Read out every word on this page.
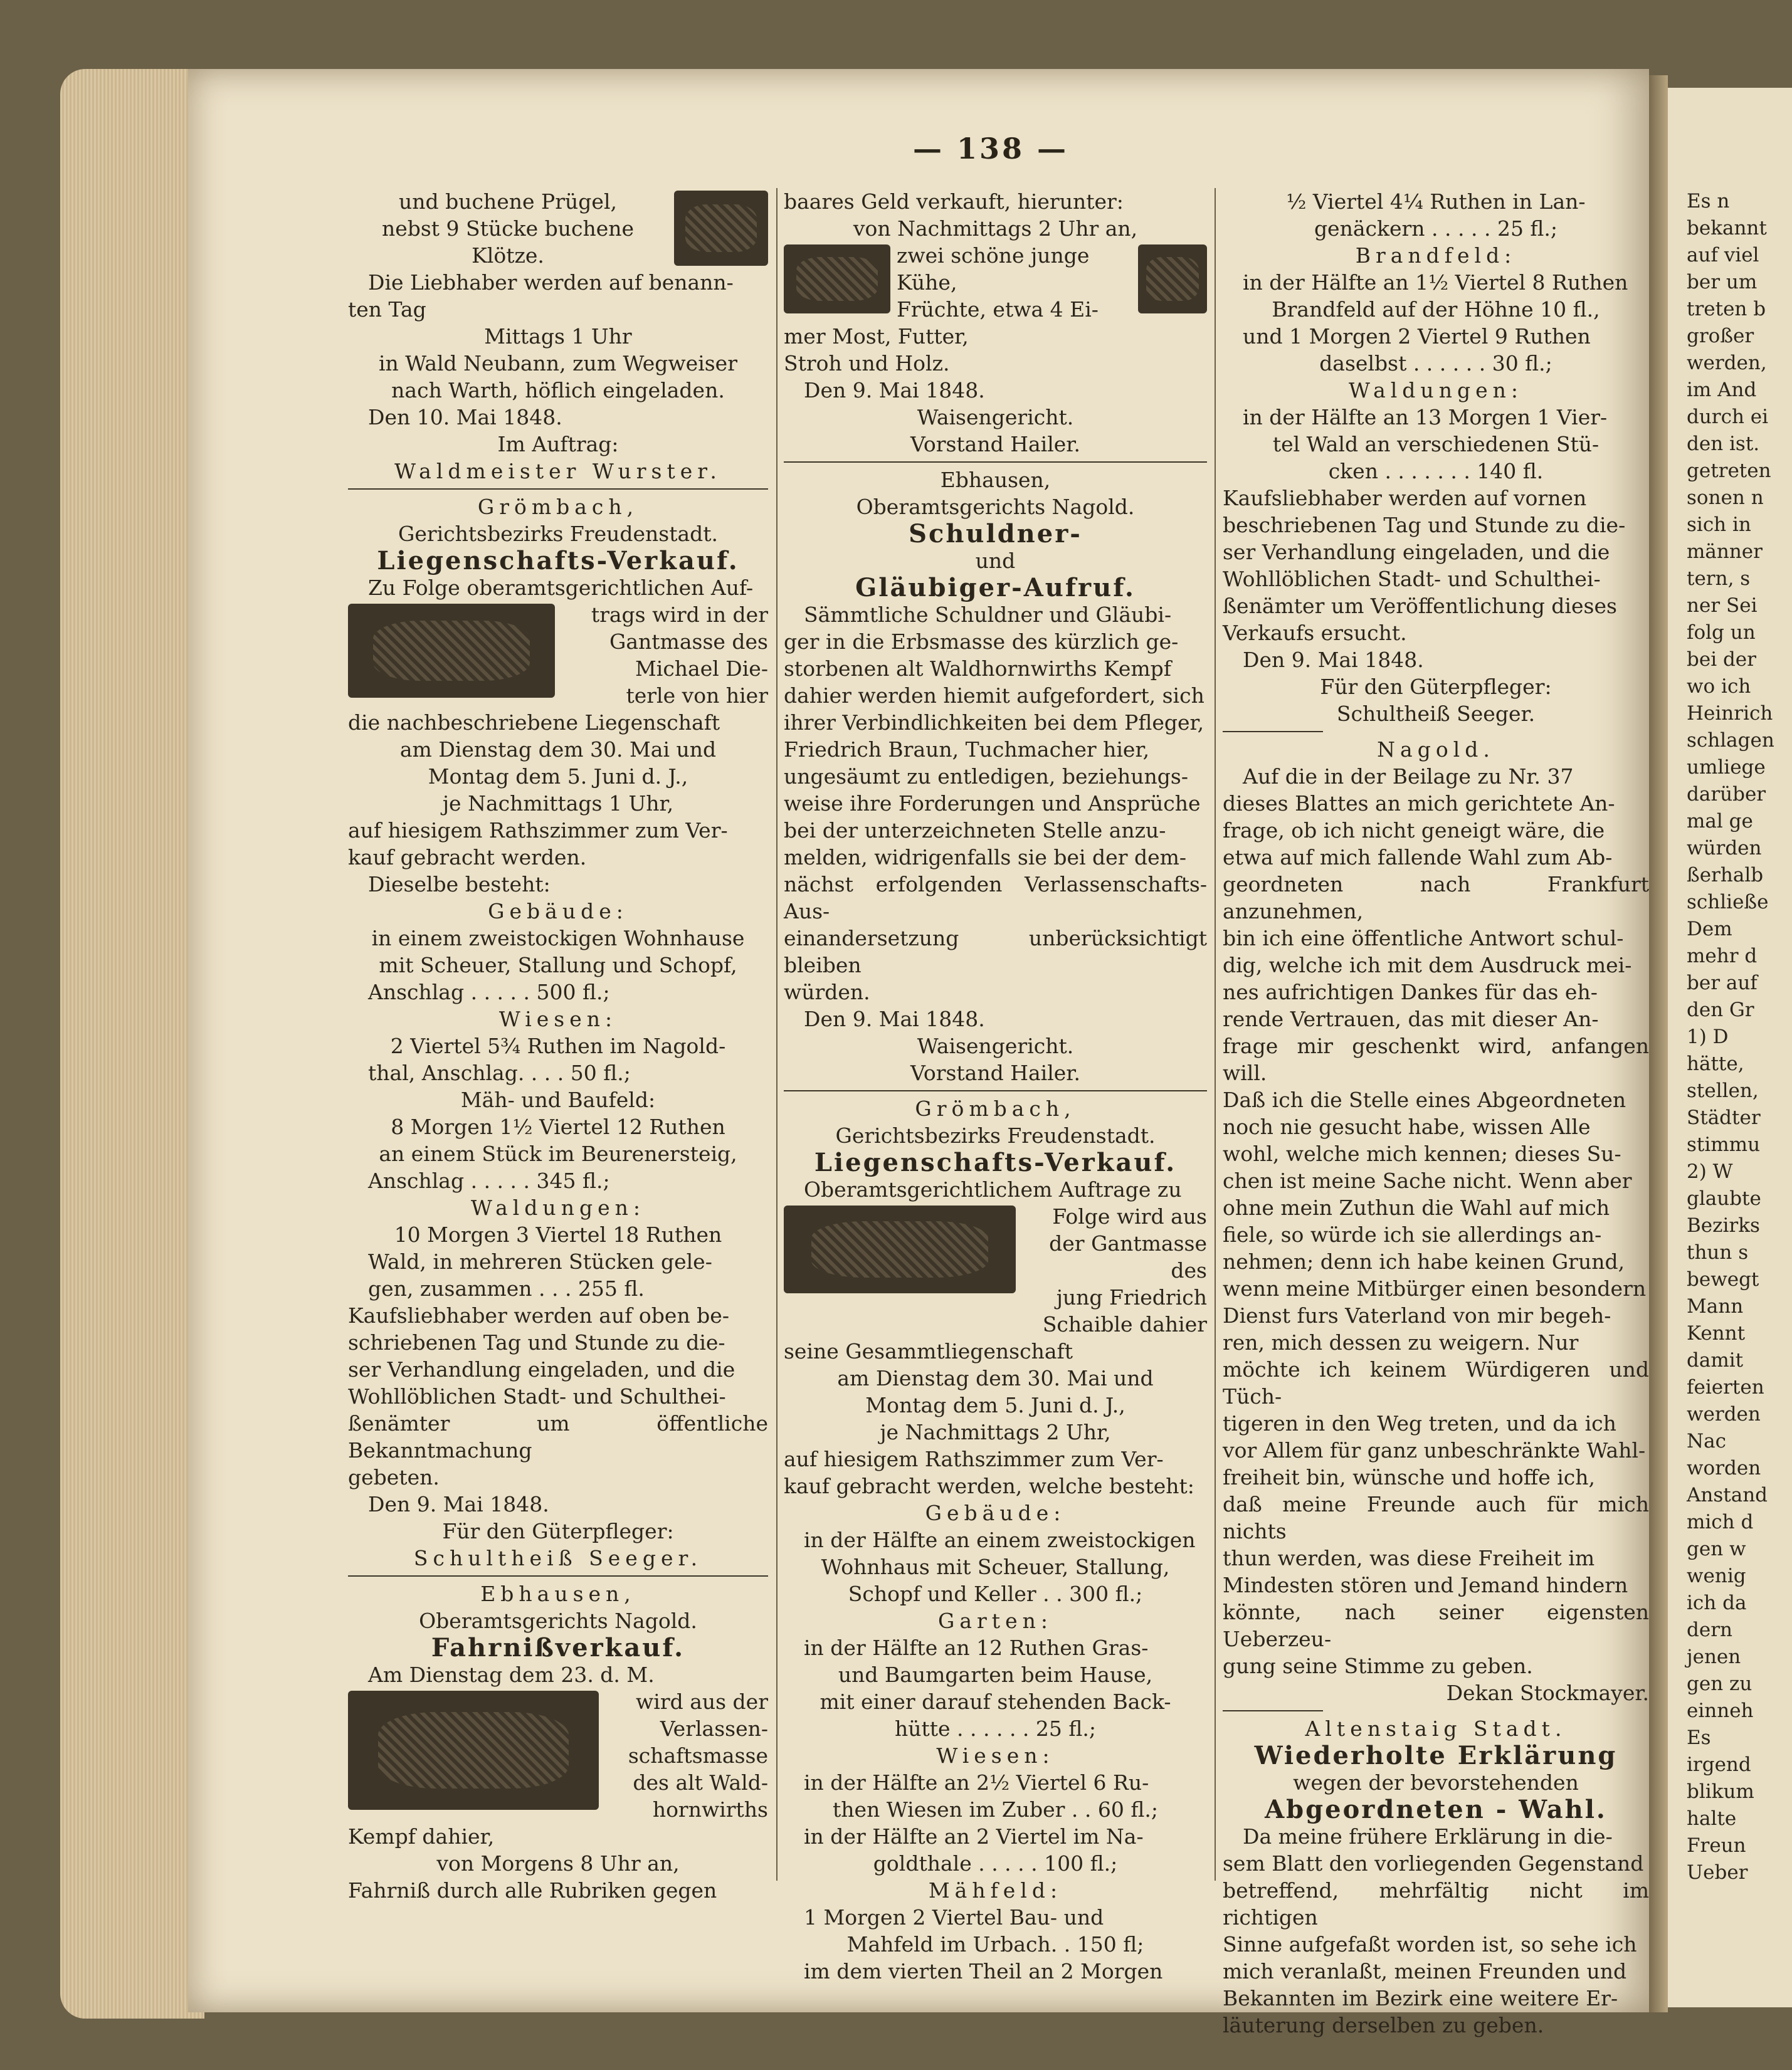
— 138 —

und buchene Prügel,

nebst 9 Stücke buchene

Klötze.

Die Liebhaber werden auf benann-

ten Tag

Mittags 1 Uhr

in Wald Neubann, zum Wegweiser

nach Warth, höflich eingeladen.

Den 10. Mai 1848.

Im Auftrag:

Waldmeister Wurster.

Grömbach,

Gerichtsbezirks Freudenstadt.

Liegenschafts-Verkauf.

Zu Folge oberamtsgerichtlichen Auf-

trags wird in der

Gantmasse des

Michael Die-

terle von hier

die nachbeschriebene Liegenschaft

am Dienstag dem 30. Mai und

Montag dem 5. Juni d. J.,

je Nachmittags 1 Uhr,

auf hiesigem Rathszimmer zum Ver-

kauf gebracht werden.

Dieselbe besteht:

Gebäude:

in einem zweistockigen Wohnhause

mit Scheuer, Stallung und Schopf,

Anschlag . . . . . 500 fl.;

Wiesen:

2 Viertel 5¾ Ruthen im Nagold-

thal, Anschlag. . . . 50 fl.;

Mäh- und Baufeld:

8 Morgen 1½ Viertel 12 Ruthen

an einem Stück im Beurenersteig,

Anschlag . . . . . 345 fl.;

Waldungen:

10 Morgen 3 Viertel 18 Ruthen

Wald, in mehreren Stücken gele-

gen, zusammen . . . 255 fl.

Kaufsliebhaber werden auf oben be-

schriebenen Tag und Stunde zu die-

ser Verhandlung eingeladen, und die

Wohllöblichen Stadt- und Schulthei-

ßenämter um öffentliche Bekanntmachung

gebeten.

Den 9. Mai 1848.

Für den Güterpfleger:

Schultheiß Seeger.

Ebhausen,

Oberamtsgerichts Nagold.

Fahrnißverkauf.

Am Dienstag dem 23. d. M.

wird aus der

Verlassen-

schaftsmasse

des alt Wald-

hornwirths

Kempf dahier,

von Morgens 8 Uhr an,

Fahrniß durch alle Rubriken gegen

baares Geld verkauft, hierunter:

von Nachmittags 2 Uhr an,

zwei schöne junge Kühe,

Früchte, etwa 4 Ei-

mer Most, Futter,

Stroh und Holz.

Den 9. Mai 1848.

Waisengericht.

Vorstand Hailer.

Ebhausen,

Oberamtsgerichts Nagold.

Schuldner-

und

Gläubiger-Aufruf.

Sämmtliche Schuldner und Gläubi-

ger in die Erbsmasse des kürzlich ge-

storbenen alt Waldhornwirths Kempf

dahier werden hiemit aufgefordert, sich

ihrer Verbindlichkeiten bei dem Pfleger,

Friedrich Braun, Tuchmacher hier,

ungesäumt zu entledigen, beziehungs-

weise ihre Forderungen und Ansprüche

bei der unterzeichneten Stelle anzu-

melden, widrigenfalls sie bei der dem-

nächst erfolgenden Verlassenschafts-Aus-

einandersetzung unberücksichtigt bleiben

würden.

Den 9. Mai 1848.

Waisengericht.

Vorstand Hailer.

Grömbach,

Gerichtsbezirks Freudenstadt.

Liegenschafts-Verkauf.

Oberamtsgerichtlichem Auftrage zu

Folge wird aus

der Gantmasse des

jung Friedrich

Schaible dahier

seine Gesammtliegenschaft

am Dienstag dem 30. Mai und

Montag dem 5. Juni d. J.,

je Nachmittags 2 Uhr,

auf hiesigem Rathszimmer zum Ver-

kauf gebracht werden, welche besteht:

Gebäude:

in der Hälfte an einem zweistockigen

Wohnhaus mit Scheuer, Stallung,

Schopf und Keller . . 300 fl.;

Garten:

in der Hälfte an 12 Ruthen Gras-

und Baumgarten beim Hause,

mit einer darauf stehenden Back-

hütte . . . . . . 25 fl.;

Wiesen:

in der Hälfte an 2½ Viertel 6 Ru-

then Wiesen im Zuber . . 60 fl.;

in der Hälfte an 2 Viertel im Na-

goldthale . . . . . 100 fl.;

Mähfeld:

1 Morgen 2 Viertel Bau- und

Mahfeld im Urbach. . 150 fl;

im dem vierten Theil an 2 Morgen

½ Viertel 4¼ Ruthen in Lan-

genäckern . . . . . 25 fl.;

Brandfeld:

in der Hälfte an 1½ Viertel 8 Ruthen

Brandfeld auf der Höhne 10 fl.,

und 1 Morgen 2 Viertel 9 Ruthen

daselbst . . . . . . 30 fl.;

Waldungen:

in der Hälfte an 13 Morgen 1 Vier-

tel Wald an verschiedenen Stü-

cken . . . . . . . 140 fl.

Kaufsliebhaber werden auf vornen

beschriebenen Tag und Stunde zu die-

ser Verhandlung eingeladen, und die

Wohllöblichen Stadt- und Schulthei-

ßenämter um Veröffentlichung dieses

Verkaufs ersucht.

Den 9. Mai 1848.

Für den Güterpfleger:

Schultheiß Seeger.

Nagold.

Auf die in der Beilage zu Nr. 37

dieses Blattes an mich gerichtete An-

frage, ob ich nicht geneigt wäre, die

etwa auf mich fallende Wahl zum Ab-

geordneten nach Frankfurt anzunehmen,

bin ich eine öffentliche Antwort schul-

dig, welche ich mit dem Ausdruck mei-

nes aufrichtigen Dankes für das eh-

rende Vertrauen, das mit dieser An-

frage mir geschenkt wird, anfangen will.

Daß ich die Stelle eines Abgeordneten

noch nie gesucht habe, wissen Alle

wohl, welche mich kennen; dieses Su-

chen ist meine Sache nicht. Wenn aber

ohne mein Zuthun die Wahl auf mich

fiele, so würde ich sie allerdings an-

nehmen; denn ich habe keinen Grund,

wenn meine Mitbürger einen besondern

Dienst furs Vaterland von mir begeh-

ren, mich dessen zu weigern. Nur

möchte ich keinem Würdigeren und Tüch-

tigeren in den Weg treten, und da ich

vor Allem für ganz unbeschränkte Wahl-

freiheit bin, wünsche und hoffe ich,

daß meine Freunde auch für mich nichts

thun werden, was diese Freiheit im

Mindesten stören und Jemand hindern

könnte, nach seiner eigensten Ueberzeu-

gung seine Stimme zu geben.

Dekan Stockmayer.

Altenstaig Stadt.

Wiederholte Erklärung

wegen der bevorstehenden

Abgeordneten - Wahl.

Da meine frühere Erklärung in die-

sem Blatt den vorliegenden Gegenstand

betreffend, mehrfältig nicht im richtigen

Sinne aufgefaßt worden ist, so sehe ich

mich veranlaßt, meinen Freunden und

Bekannten im Bezirk eine weitere Er-

läuterung derselben zu geben.

Es n

bekannt

auf viel

ber um

treten b

großer

werden,

im And

durch ei

den ist.

getreten

sonen n

sich in

männer

tern, s

ner Sei

folg un

bei der

wo ich

Heinrich

schlagen

umliege

darüber

mal ge

würden

ßerhalb

schließe

Dem

mehr d

ber auf

den Gr

1) D

hätte,

stellen,

Städter

stimmu

2) W

glaubte

Bezirks

thun s

bewegt

Mann

Kennt

damit

feierten

werden

Nac

worden

Anstand

mich d

gen w

wenig

ich da

dern

jenen

gen zu

einneh

Es

irgend

blikum

halte

Freun

Ueber
